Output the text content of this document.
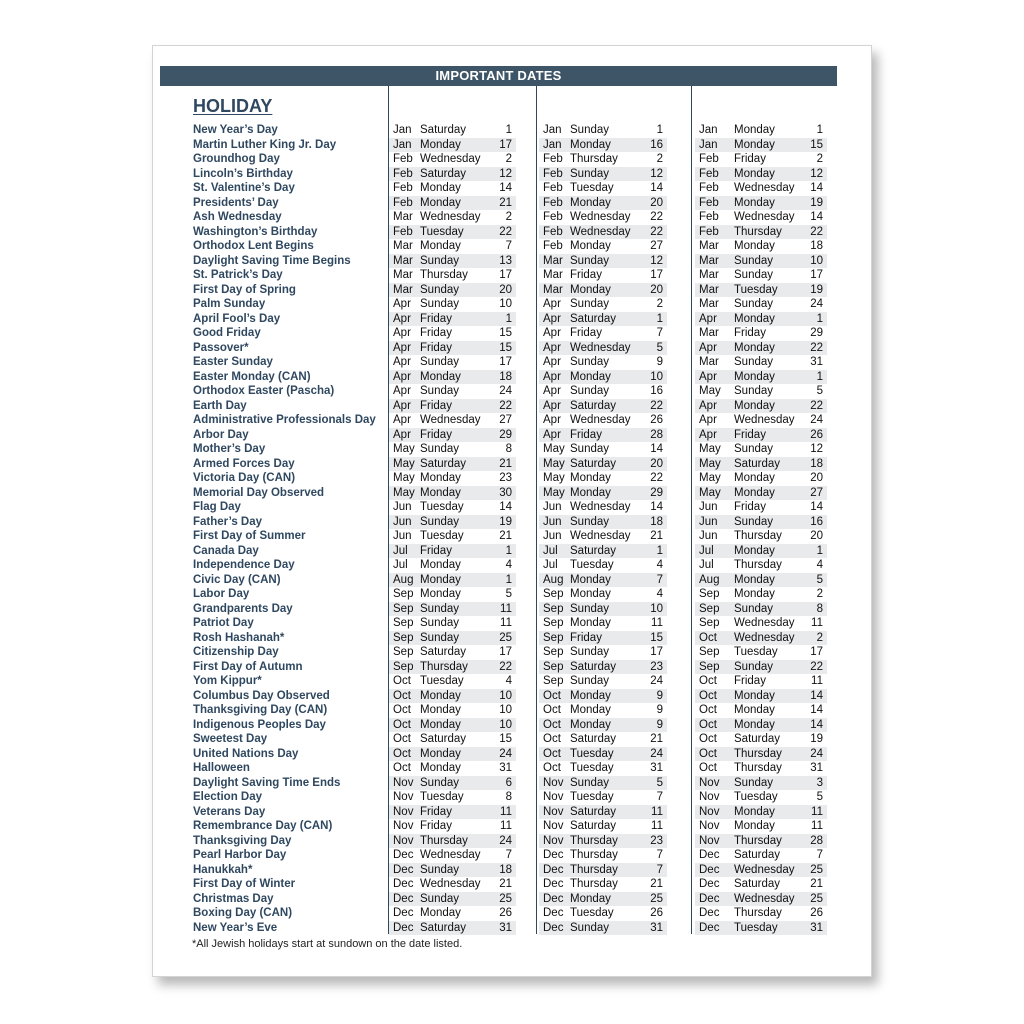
IMPORTANT DATES
HOLIDAY
New Year’s Day	Jan Saturday	1	Jan Sunday	1	Jan Monday	1
Martin Luther King Jr. Day	Jan Monday	17	Jan Monday	16	Jan Monday	15
Groundhog Day	Feb Wednesday 2	Feb Thursday	2	Feb Friday	2
Lincoln’s Birthday	Feb Saturday	12	Feb Sunday	12	Feb Monday	12
St. Valentine’s Day	Feb Monday	14	Feb Tuesday	14	Feb Wednesday 14
Presidents’ Day	Feb Monday	21	Feb Monday	20	Feb Monday	19
Ash Wednesday	Mar Wednesday 2	Feb Wednesday 22	Feb Wednesday 14
Washington’s Birthday	Feb Tuesday	22	Feb Wednesday 22	Feb Thursday 22
Orthodox Lent Begins	Mar Monday	7	Feb Monday	27	Mar Monday	18
Daylight Saving Time Begins	Mar Sunday	13	Mar Sunday	12	Mar Sunday	10
St. Patrick’s Day	Mar Thursday	17	Mar Friday	17	Mar Sunday	17
First Day of Spring	Mar Sunday	20	Mar Monday	20	Mar Tuesday	19
Palm Sunday	Apr Sunday	10	Apr Sunday	2	Mar Sunday	24
April Fool’s Day	Apr Friday	1	Apr Saturday	1	Apr Monday	1
Good Friday	Apr Friday	15	Apr Friday	7	Mar Friday	29
Passover*	Apr Friday	15	Apr Wednesday 5	Apr Monday	22
Easter Sunday	Apr Sunday	17	Apr Sunday	9	Mar Sunday	31
Easter Monday (CAN)	Apr Monday	18	Apr Monday	10	Apr Monday	1
Orthodox Easter (Pascha)	Apr Sunday	24	Apr Sunday	16	May Sunday	5
Earth Day	Apr Friday	22	Apr Saturday	22	Apr Monday	22
Administrative Professionals Day	Apr Wednesday 27	Apr Wednesday 26	Apr Wednesday 24
Arbor Day	Apr Friday	29	Apr Friday	28	Apr Friday	26
Mother’s Day	May Sunday	8	May Sunday	14	May Sunday	12
Armed Forces Day	May Saturday	21	May Saturday	20	May Saturday	18
Victoria Day (CAN)	May Monday	23	May Monday	22	May Monday	20
Memorial Day Observed	May Monday	30	May Monday	29	May Monday	27
Flag Day	Jun Tuesday	14	Jun Wednesday 14	Jun Friday	14
Father’s Day	Jun Sunday	19	Jun Sunday	18	Jun Sunday	16
First Day of Summer	Jun Tuesday	21	Jun Wednesday 21	Jun Thursday 20
Canada Day	Jul Friday	1	Jul Saturday	1	Jul Monday	1
Independence Day	Jul Monday	4	Jul Tuesday	4	Jul Thursday	4
Civic Day (CAN)	Aug Monday	1	Aug Monday	7	Aug Monday	5
Labor Day	Sep Monday	5	Sep Monday	4	Sep Monday	2
Grandparents Day	Sep Sunday	11	Sep Sunday	10	Sep Sunday	8
Patriot Day	Sep Sunday	11	Sep Monday	11	Sep Wednesday 11
Rosh Hashanah*	Sep Sunday	25	Sep Friday	15	Oct Wednesday 2
Citizenship Day	Sep Saturday	17	Sep Sunday	17	Sep Tuesday	17
First Day of Autumn	Sep Thursday	22	Sep Saturday	23	Sep Sunday	22
Yom Kippur*	Oct Tuesday	4	Sep Sunday	24	Oct Friday	11
Columbus Day Observed	Oct Monday	10	Oct Monday	9	Oct Monday	14
Thanksgiving Day (CAN)	Oct Monday	10	Oct Monday	9	Oct Monday	14
Indigenous Peoples Day	Oct Monday	10	Oct Monday	9	Oct Monday	14
Sweetest Day	Oct Saturday	15	Oct Saturday	21	Oct Saturday	19
United Nations Day	Oct Monday	24	Oct Tuesday	24	Oct Thursday 24
Halloween	Oct Monday	31	Oct Tuesday	31	Oct Thursday 31
Daylight Saving Time Ends	Nov Sunday	6	Nov Sunday	5	Nov Sunday	3
Election Day	Nov Tuesday	8	Nov Tuesday	7	Nov Tuesday	5
Veterans Day	Nov Friday	11	Nov Saturday	11	Nov Monday	11
Remembrance Day (CAN)	Nov Friday	11	Nov Saturday	11	Nov Monday	11
Thanksgiving Day	Nov Thursday	24	Nov Thursday	23	Nov Thursday 28
Pearl Harbor Day	Dec Wednesday 7	Dec Thursday	7	Dec Saturday	7
Hanukkah*	Dec Sunday	18	Dec Thursday	7	Dec Wednesday 25
First Day of Winter	Dec Wednesday 21	Dec Thursday	21	Dec Saturday	21
Christmas Day	Dec Sunday	25	Dec Monday	25	Dec Wednesday 25
Boxing Day (CAN)	Dec Monday	26	Dec Tuesday	26	Dec Thursday 26
New Year’s Eve	Dec Saturday	31	Dec Sunday	31	Dec Tuesday	31
*All Jewish holidays start at sundown on the date listed.
